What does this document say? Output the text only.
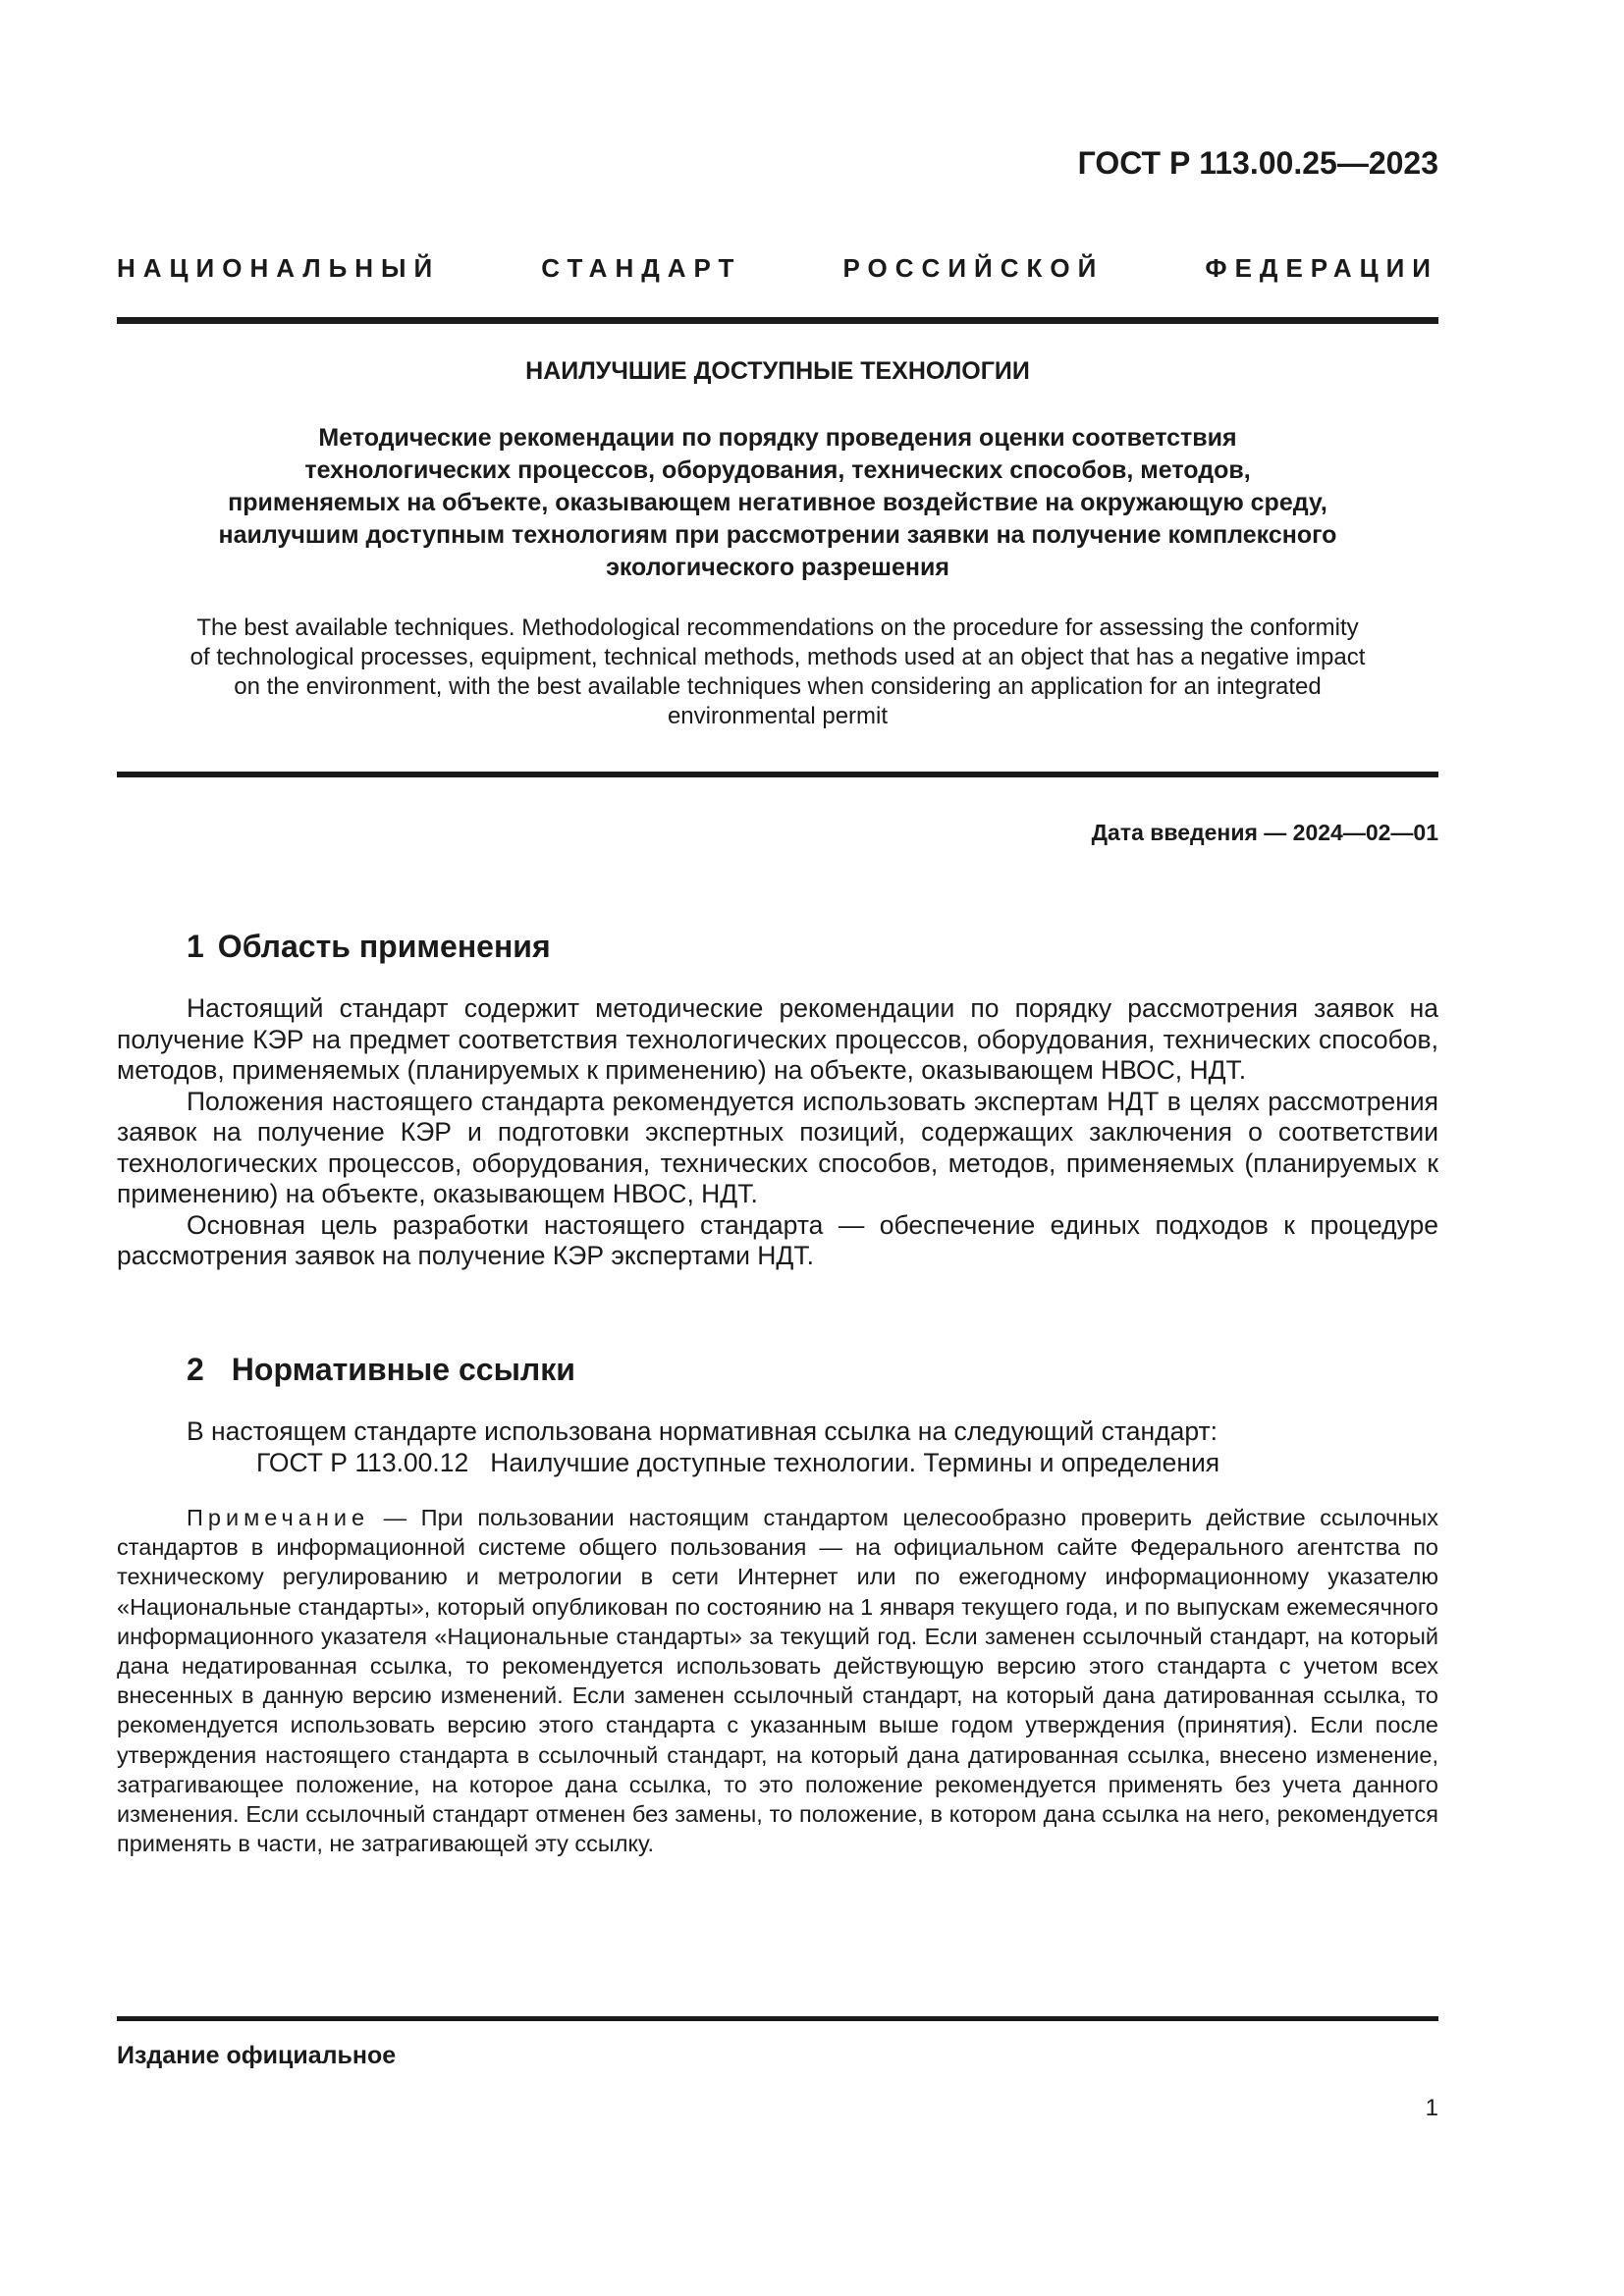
ГОСТ Р 113.00.25—2023
НАЦИОНАЛЬНЫЙ СТАНДАРТ РОССИЙСКОЙ ФЕДЕРАЦИИ
НАИЛУЧШИЕ ДОСТУПНЫЕ ТЕХНОЛОГИИ
Методические рекомендации по порядку проведения оценки соответствия
технологических процессов, оборудования, технических способов, методов,
применяемых на объекте, оказывающем негативное воздействие на окружающую среду,
наилучшим доступным технологиям при рассмотрении заявки на получение комплексного
экологического разрешения
The best available techniques. Methodological recommendations on the procedure for assessing the conformity
of technological processes, equipment, technical methods, methods used at an object that has a negative impact
on the environment, with the best available techniques when considering an application for an integrated
environmental permit
Дата введения — 2024—02—01
1 Область применения

Настоящий стандарт содержит методические рекомендации по порядку рассмотрения заявок на получение КЭР на предмет соответствия технологических процессов, оборудования, технических способов, методов, применяемых (планируемых к применению) на объекте, оказывающем НВОС, НДТ.

Положения настоящего стандарта рекомендуется использовать экспертам НДТ в целях рассмотрения заявок на получение КЭР и подготовки экспертных позиций, содержащих заключения о соответствии технологических процессов, оборудования, технических способов, методов, применяемых (планируемых к применению) на объекте, оказывающем НВОС, НДТ.

Основная цель разработки настоящего стандарта — обеспечение единых подходов к процедуре рассмотрения заявок на получение КЭР экспертами НДТ.

2 Нормативные ссылки

В настоящем стандарте использована нормативная ссылка на следующий стандарт:

ГОСТ Р 113.00.12 Наилучшие доступные технологии. Термины и определения

Примечание — При пользовании настоящим стандартом целесообразно проверить действие ссылочных стандартов в информационной системе общего пользования — на официальном сайте Федерального агентства по техническому регулированию и метрологии в сети Интернет или по ежегодному информационному указателю «Национальные стандарты», который опубликован по состоянию на 1 января текущего года, и по выпускам ежемесячного информационного указателя «Национальные стандарты» за текущий год. Если заменен ссылочный стандарт, на который дана недатированная ссылка, то рекомендуется использовать действующую версию этого стандарта с учетом всех внесенных в данную версию изменений. Если заменен ссылочный стандарт, на который дана датированная ссылка, то рекомендуется использовать версию этого стандарта с указанным выше годом утверждения (принятия). Если после утверждения настоящего стандарта в ссылочный стандарт, на который дана датированная ссылка, внесено изменение, затрагивающее положение, на которое дана ссылка, то это положение рекомендуется применять без учета данного изменения. Если ссылочный стандарт отменен без замены, то положение, в котором дана ссылка на него, рекомендуется применять в части, не затрагивающей эту ссылку.

Издание официальное
1
